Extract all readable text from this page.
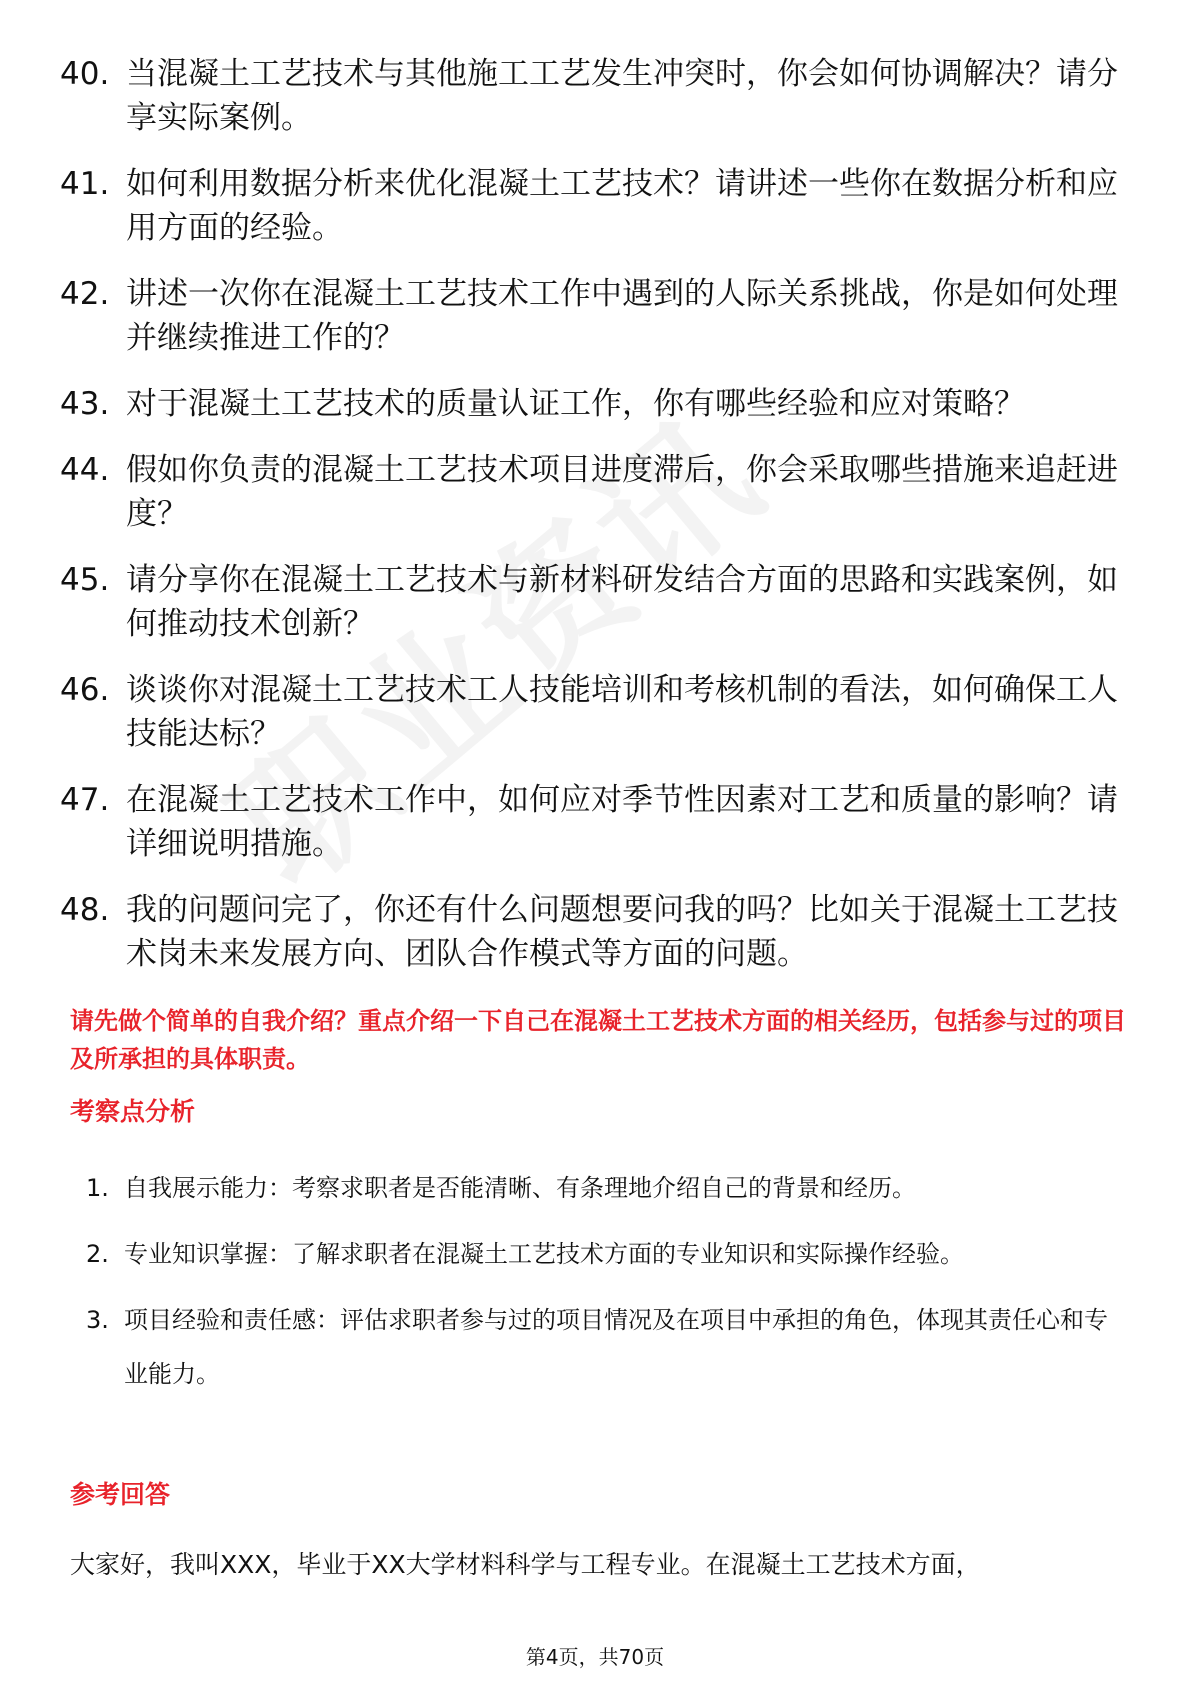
40. 当混凝土工艺技术与其他施工工艺发生冲突时，你会如何协调解决？请分享实际案例。
41. 如何利用数据分析来优化混凝土工艺技术？请讲述一些你在数据分析和应用方面的经验。
42. 讲述一次你在混凝土工艺技术工作中遇到的人际关系挑战，你是如何处理并继续推进工作的？
43. 对于混凝土工艺技术的质量认证工作，你有哪些经验和应对策略？
44. 假如你负责的混凝土工艺技术项目进度滞后，你会采取哪些措施来追赶进度？
45. 请分享你在混凝土工艺技术与新材料研发结合方面的思路和实践案例，如何推动技术创新？
46. 谈谈你对混凝土工艺技术工人技能培训和考核机制的看法，如何确保工人技能达标？
47. 在混凝土工艺技术工作中，如何应对季节性因素对工艺和质量的影响？请详细说明措施。
48. 我的问题问完了，你还有什么问题想要问我的吗？比如关于混凝土工艺技术岗未来发展方向、团队合作模式等方面的问题。
请先做个简单的自我介绍？重点介绍一下自己在混凝土工艺技术方面的相关经历，包括参与过的项目及所承担的具体职责。
考察点分析
1. 自我展示能力：考察求职者是否能清晰、有条理地介绍自己的背景和经历。
2. 专业知识掌握：了解求职者在混凝土工艺技术方面的专业知识和实际操作经验。
3. 项目经验和责任感：评估求职者参与过的项目情况及在项目中承担的角色，体现其责任心和专业能力。
参考回答
大家好，我叫XXX，毕业于XX大学材料科学与工程专业。在混凝土工艺技术方面，
第4页，共70页
